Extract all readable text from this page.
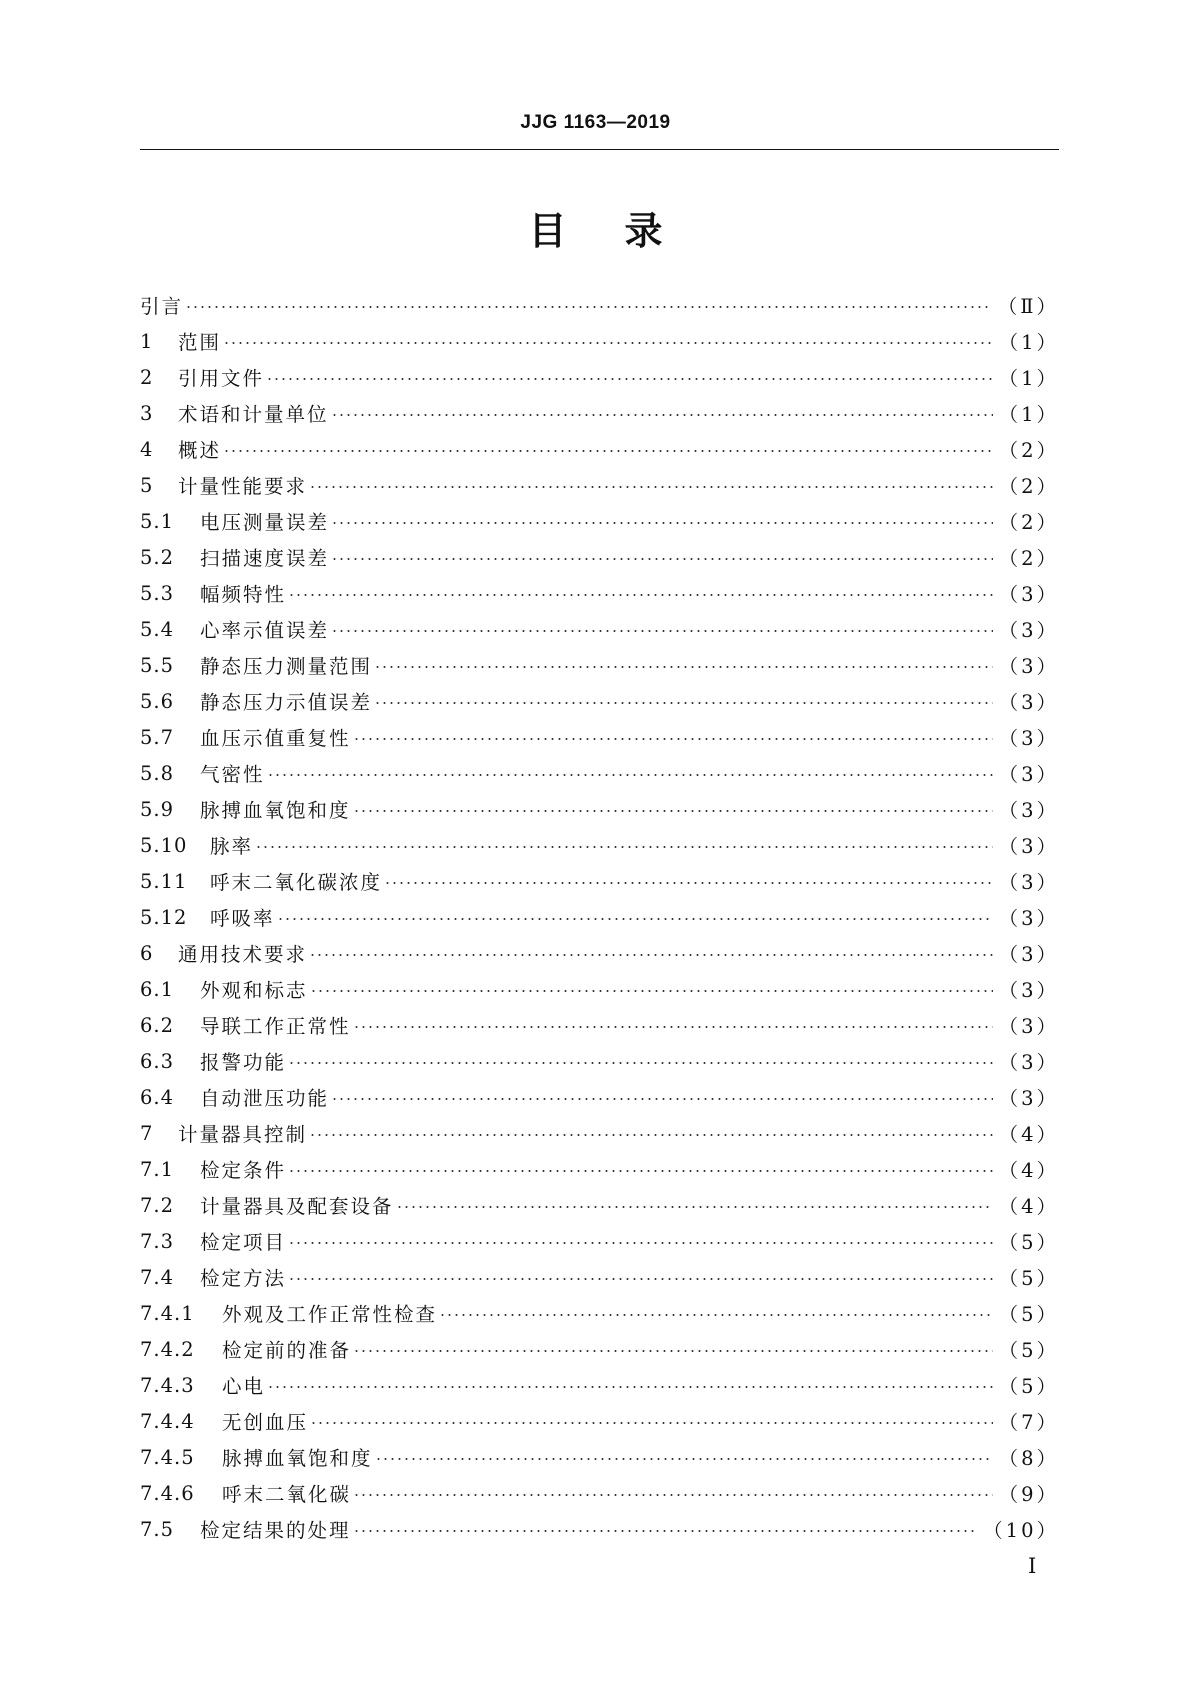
JJG 1163—2019
目 录
引言	（Ⅱ）
1	范围	（1）
2	引用文件	（1）
3	术语和计量单位	（1）
4	概述	（2）
5	计量性能要求	（2）
5.1	电压测量误差	（2）
5.2	扫描速度误差	（2）
5.3	幅频特性	（3）
5.4	心率示值误差	（3）
5.5	静态压力测量范围	（3）
5.6	静态压力示值误差	（3）
5.7	血压示值重复性	（3）
5.8	气密性	（3）
5.9	脉搏血氧饱和度	（3）
5.10	脉率	（3）
5.11	呼末二氧化碳浓度	（3）
5.12	呼吸率	（3）
6	通用技术要求	（3）
6.1	外观和标志	（3）
6.2	导联工作正常性	（3）
6.3	报警功能	（3）
6.4	自动泄压功能	（3）
7	计量器具控制	（4）
7.1	检定条件	（4）
7.2	计量器具及配套设备	（4）
7.3	检定项目	（5）
7.4	检定方法	（5）
7.4.1	外观及工作正常性检查	（5）
7.4.2	检定前的准备	（5）
7.4.3	心电	（5）
7.4.4	无创血压	（7）
7.4.5	脉搏血氧饱和度	（8）
7.4.6	呼末二氧化碳	（9）
7.5	检定结果的处理	（10）
Ⅰ
